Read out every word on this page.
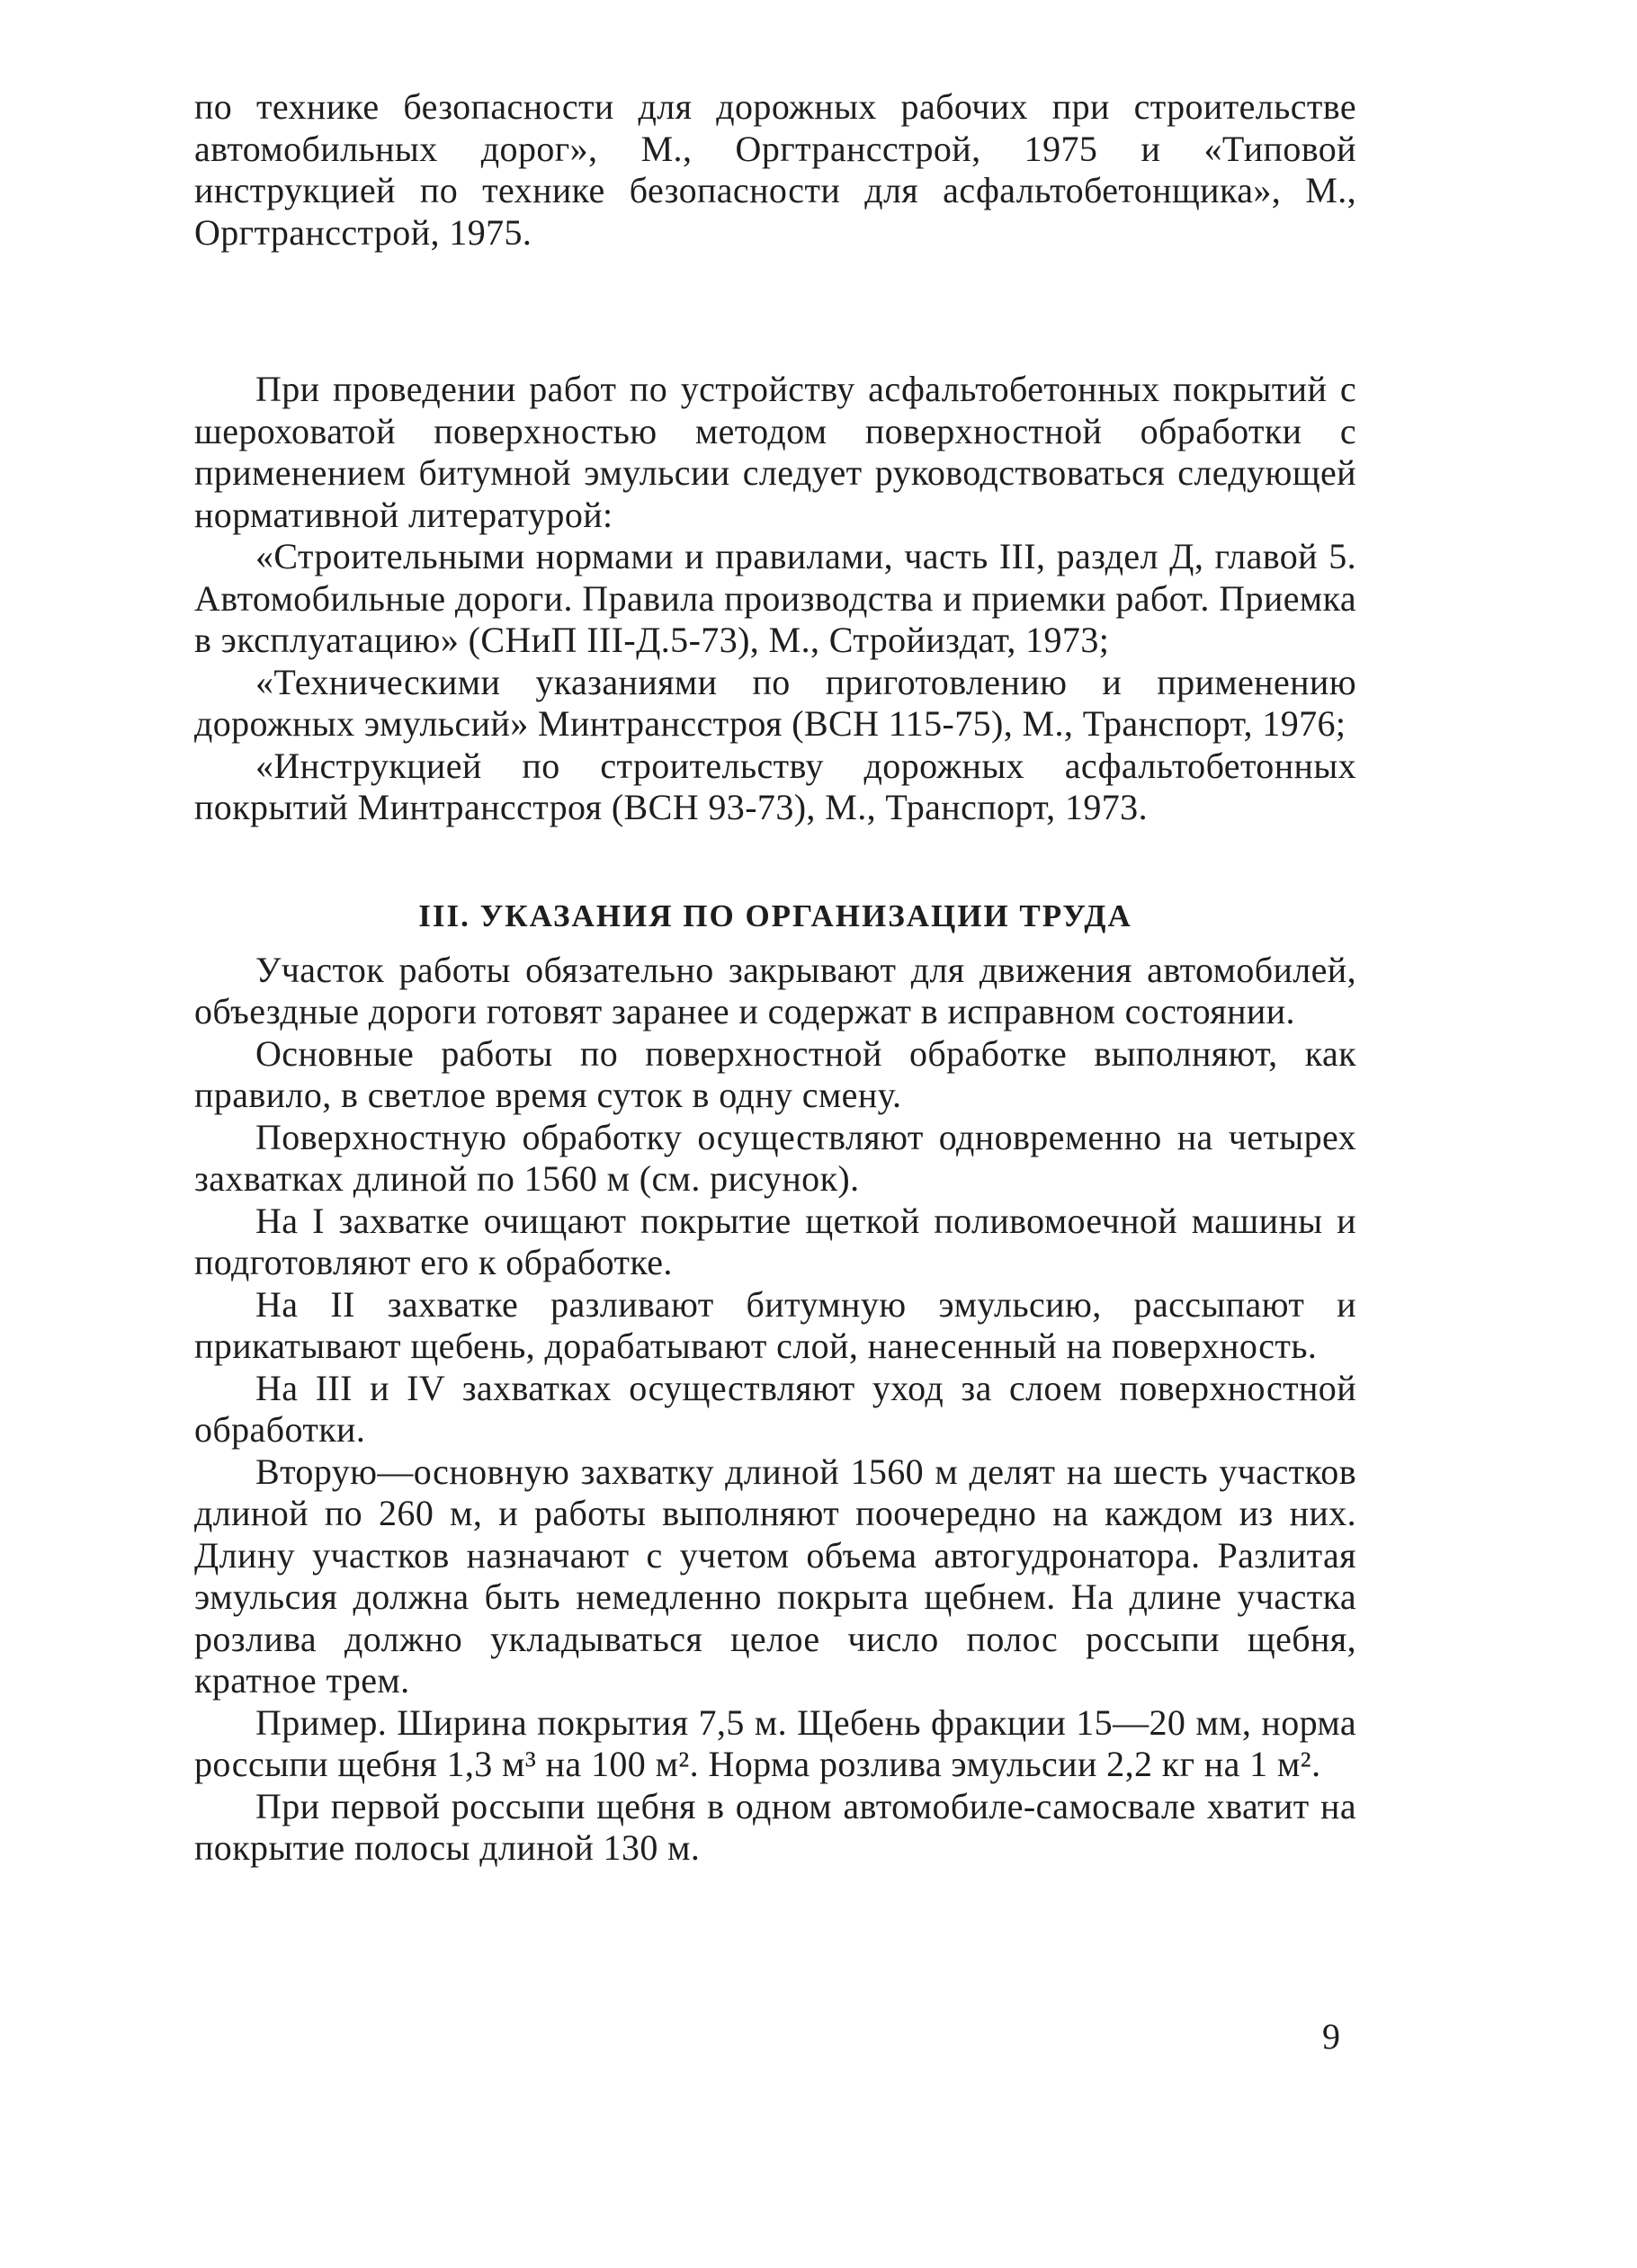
по технике безопасности для дорожных рабочих при строительстве автомобильных дорог», М., Оргтрансстрой, 1975 и «Типовой инструкцией по технике безопасности для асфальтобетонщика», М., Оргтрансстрой, 1975.

При проведении работ по устройству асфальтобетонных покрытий с шероховатой поверхностью методом поверхностной обработки с применением битумной эмульсии следует руководствоваться следующей нормативной литературой:

«Строительными нормами и правилами, часть III, раздел Д, главой 5. Автомобильные дороги. Правила производства и приемки работ. Приемка в эксплуатацию» (СНиП III-Д.5-73), М., Стройиздат, 1973;

«Техническими указаниями по приготовлению и применению дорожных эмульсий» Минтрансстроя (ВСН 115-75), М., Транспорт, 1976;

«Инструкцией по строительству дорожных асфальтобетонных покрытий Минтрансстроя (ВСН 93-73), М., Транспорт, 1973.

III. УКАЗАНИЯ ПО ОРГАНИЗАЦИИ ТРУДА

Участок работы обязательно закрывают для движения автомобилей, объездные дороги готовят заранее и содержат в исправном состоянии.

Основные работы по поверхностной обработке выполняют, как правило, в светлое время суток в одну смену.

Поверхностную обработку осуществляют одновременно на четырех захватках длиной по 1560 м (см. рисунок).

На I захватке очищают покрытие щеткой поливомоечной машины и подготовляют его к обработке.

На II захватке разливают битумную эмульсию, рассыпают и прикатывают щебень, дорабатывают слой, нанесенный на поверхность.

На III и IV захватках осуществляют уход за слоем поверхностной обработки.

Вторую—основную захватку длиной 1560 м делят на шесть участков длиной по 260 м, и работы выполняют поочередно на каждом из них. Длину участков назначают с учетом объема автогудронатора. Разлитая эмульсия должна быть немедленно покрыта щебнем. На длине участка розлива должно укладываться целое число полос россыпи щебня, кратное трем.

Пример. Ширина покрытия 7,5 м. Щебень фракции 15—20 мм, норма россыпи щебня 1,3 м³ на 100 м². Норма розлива эмульсии 2,2 кг на 1 м².

При первой россыпи щебня в одном автомобиле-самосвале хватит на покрытие полосы длиной 130 м.

9
